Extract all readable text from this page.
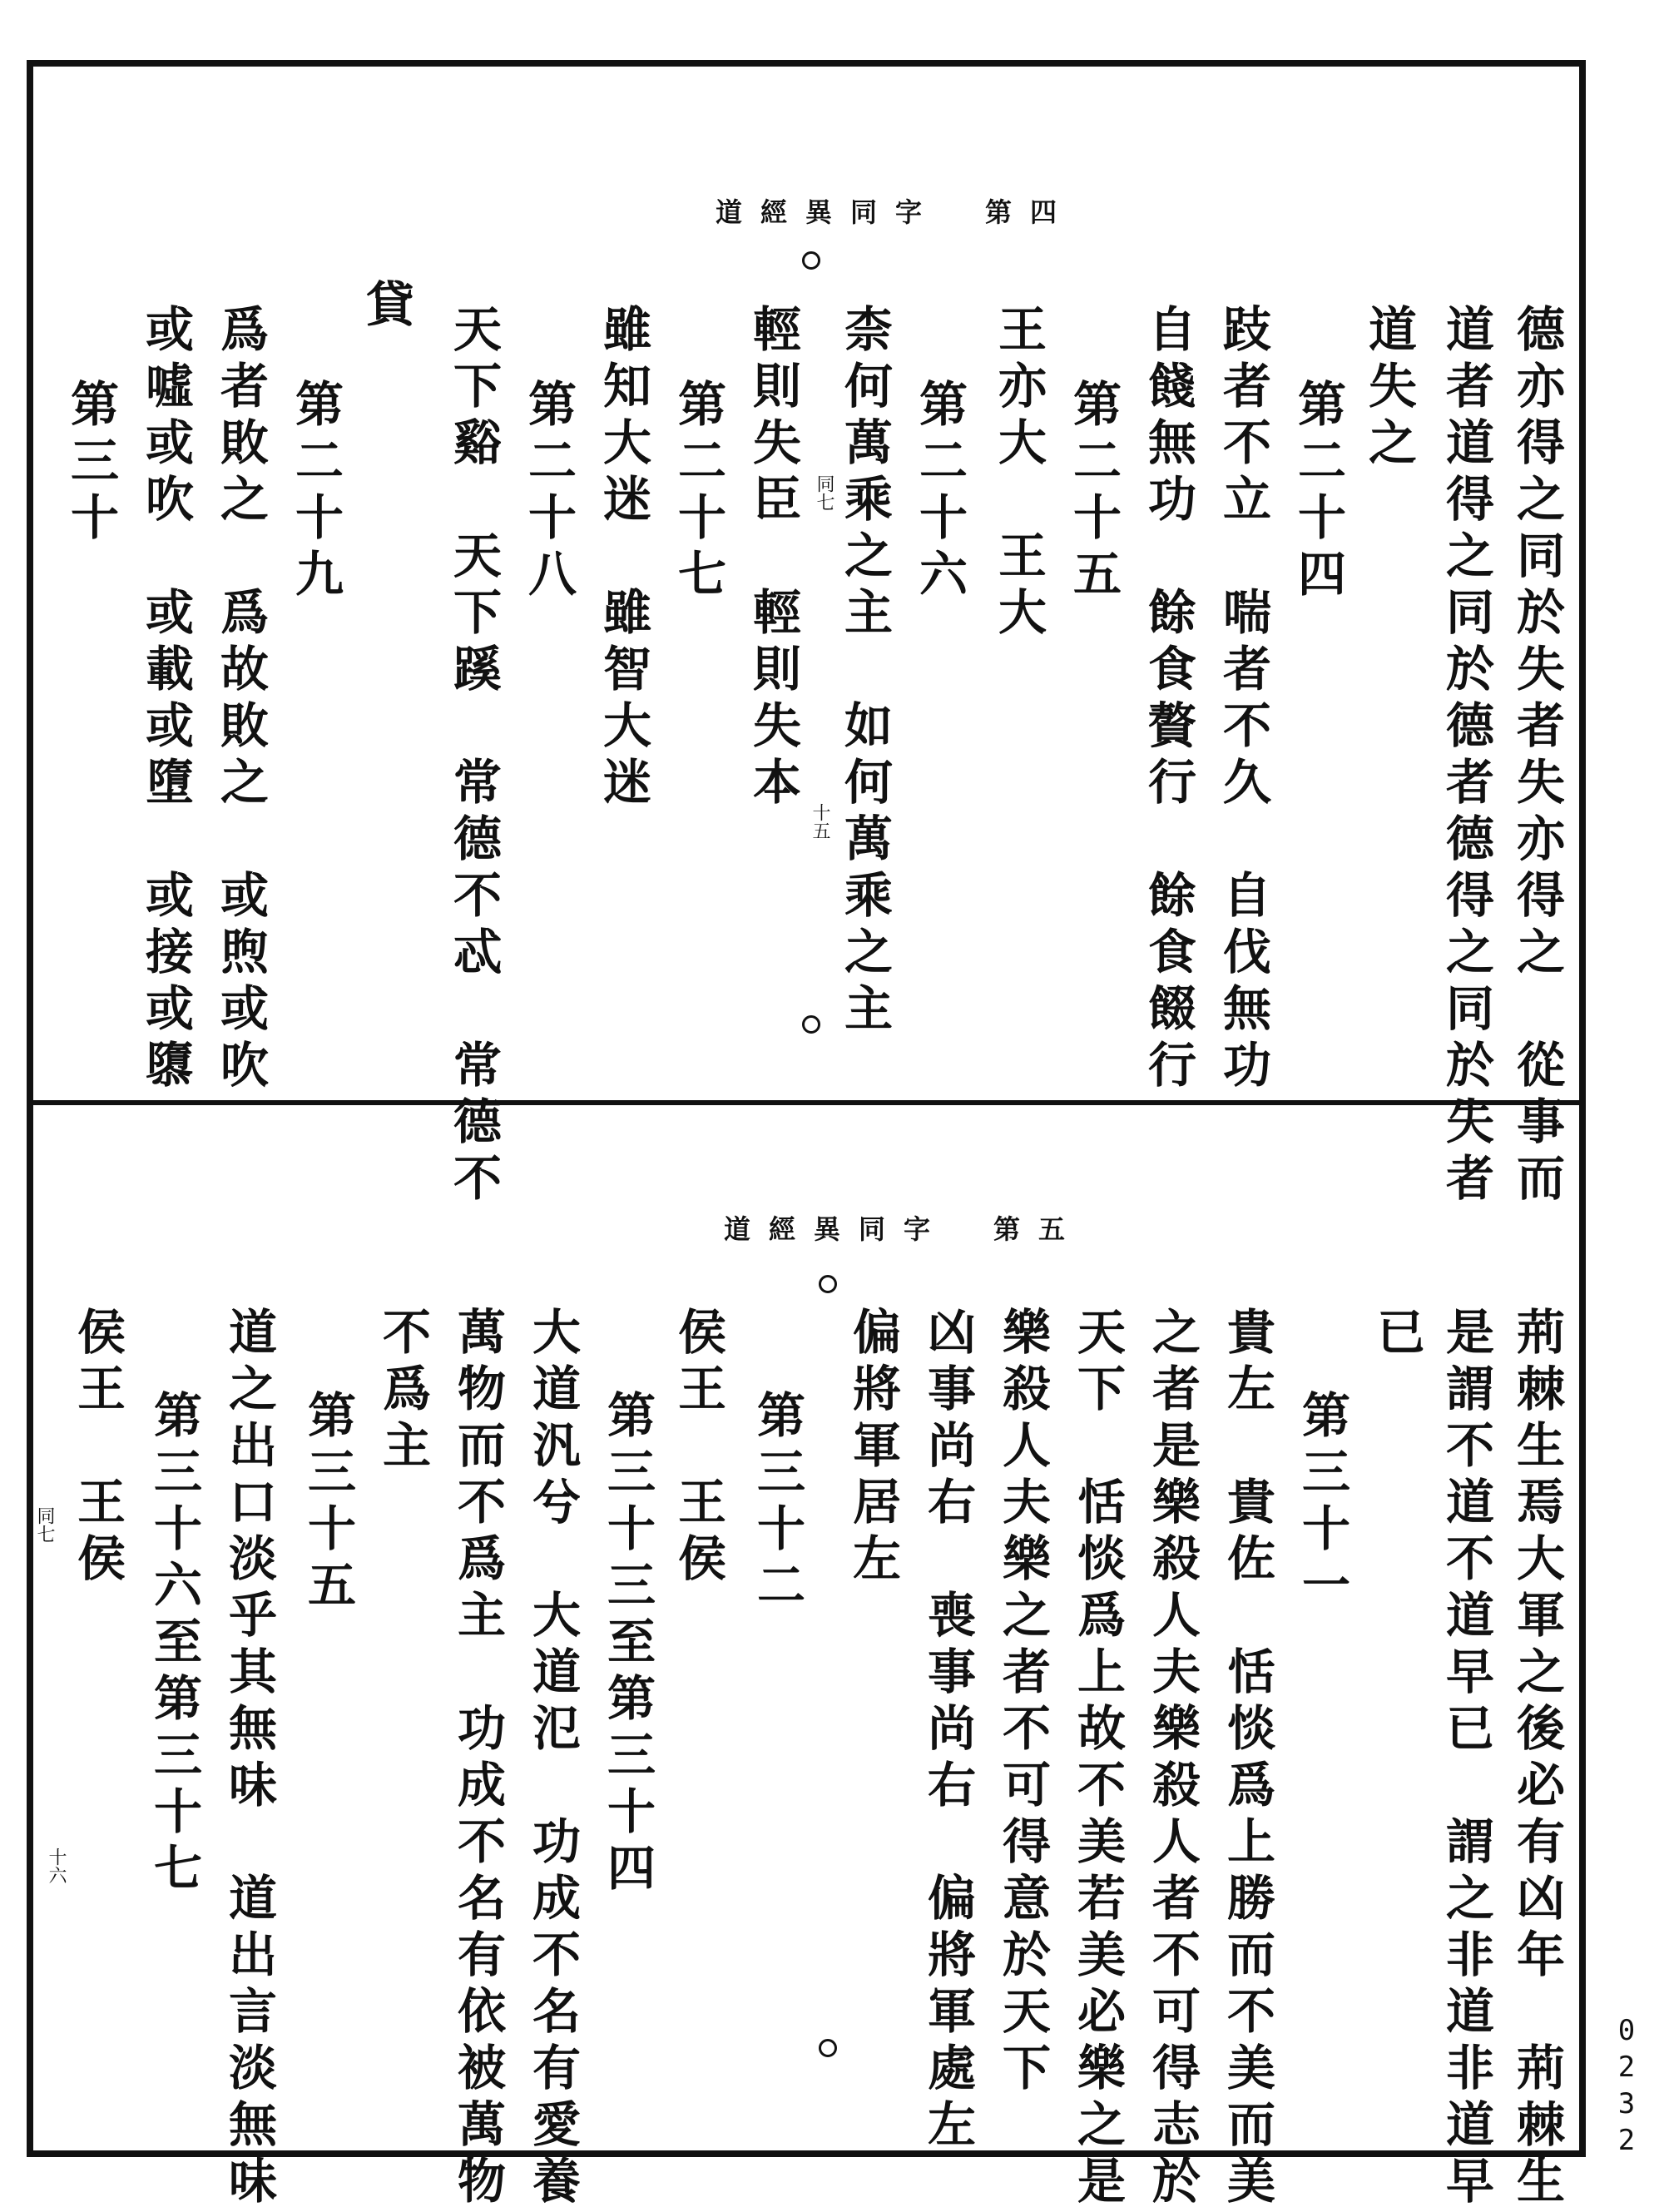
道經異同字　第四
同七
十五	德亦得之同於失者失亦得之　從事而
道者道得之同於德者德得之同於失者
道失之
第二十四
跂者不立　喘者不久　自伐無功
自餞無功　餘食贅行　餘食餟行
第二十五
王亦大　王大
第二十六
柰何萬乘之主　如何萬乘之主
輕則失臣　輕則失本
第二十七
雖知大迷　雖智大迷
第二十八
天下谿　天下蹊　常德不忒　常德不
貸
第二十九
爲者敗之　爲故敗之　或煦或吹
或噓或吹　或載或墮　或接或隳
第三十
道經異同字　第五
同七
十六	荊棘生焉大軍之後必有凶年　荊棘生
是謂不道不道早已　謂之非道非道早
已
第三十一
貴左　貴佐　恬惔爲上勝而不美而美
之者是樂殺人夫樂殺人者不可得志於
天下　恬惔爲上故不美若美必樂之是
樂殺人夫樂之者不可得意於天下
凶事尚右　喪事尚右　偏將軍處左
偏將軍居左
第三十二
侯王　王侯
第三十三至第三十四
大道汎兮　大道氾　功成不名有愛養
萬物而不爲主　功成不名有依被萬物
不爲主
第三十五
道之出口淡乎其無味　道出言淡無味
第三十六至第三十七
侯王　王侯
0232
